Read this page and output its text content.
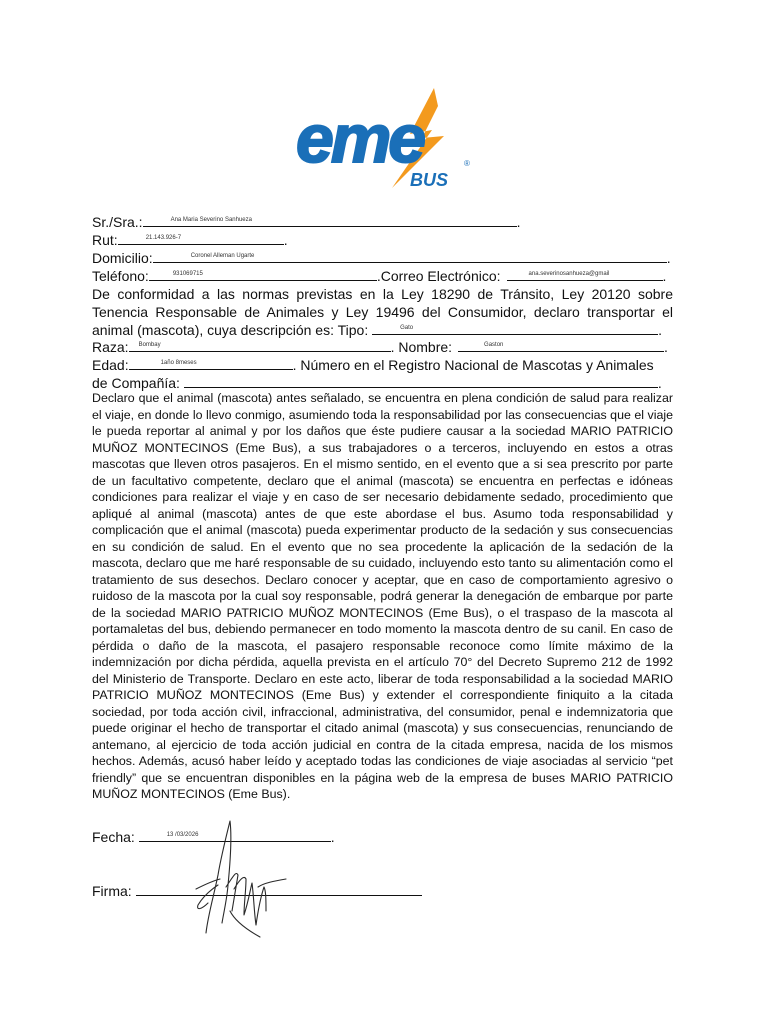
eme
BUS
®
Sr./Sra.:	Ana Maria Severino Sanhueza	.
Rut:	21.143.926-7	.
Domicilio:	Coronel Alleman Ugarte	.
Teléfono:	931069715	.Correo Electrónico:	ana.severinosanhueza@gmail	.
De conformidad a las normas previstas en la Ley 18290 de Tránsito, Ley 20120 sobre Tenencia Responsable de Animales y Ley 19496 del Consumidor, declaro transportar el animal (mascota), cuya descripción es: Tipo:	Gato	.
Raza: Bombay	. Nombre:	Gaston	.
Edad:	1año 8meses	. Número en el Registro Nacional de Mascotas y Animales
de Compañía:	.
Declaro que el animal (mascota) antes señalado, se encuentra en plena condición de salud para realizar el viaje, en donde lo llevo conmigo, asumiendo toda la responsabilidad por las consecuencias que el viaje le pueda reportar al animal y por los daños que éste pudiere causar a la sociedad MARIO PATRICIO MUÑOZ MONTECINOS (Eme Bus), a sus trabajadores o a terceros, incluyendo en estos a otras mascotas que lleven otros pasajeros. En el mismo sentido, en el evento que a si sea prescrito por parte de un facultativo competente, declaro que el animal (mascota) se encuentra en perfectas e idóneas condiciones para realizar el viaje y en caso de ser necesario debidamente sedado, procedimiento que apliqué al animal (mascota) antes de que este abordase el bus. Asumo toda responsabilidad y complicación que el animal (mascota) pueda experimentar producto de la sedación y sus consecuencias en su condición de salud. En el evento que no sea procedente la aplicación de la sedación de la mascota, declaro que me haré responsable de su cuidado, incluyendo esto tanto su alimentación como el tratamiento de sus desechos. Declaro conocer y aceptar, que en caso de comportamiento agresivo o ruidoso de la mascota por la cual soy responsable, podrá generar la denegación de embarque por parte de la sociedad MARIO PATRICIO MUÑOZ MONTECINOS (Eme Bus), o el traspaso de la mascota al portamaletas del bus, debiendo permanecer en todo momento la mascota dentro de su canil. En caso de pérdida o daño de la mascota, el pasajero responsable reconoce como límite máximo de la indemnización por dicha pérdida, aquella prevista en el artículo 70° del Decreto Supremo 212 de 1992 del Ministerio de Transporte. Declaro en este acto, liberar de toda responsabilidad a la sociedad MARIO PATRICIO MUÑOZ MONTECINOS (Eme Bus) y extender el correspondiente finiquito a la citada sociedad, por toda acción civil, infraccional, administrativa, del consumidor, penal e indemnizatoria que puede originar el hecho de transportar el citado animal (mascota) y sus consecuencias, renunciando de antemano, al ejercicio de toda acción judicial en contra de la citada empresa, nacida de los mismos hechos. Además, acusó haber leído y aceptado todas las condiciones de viaje asociadas al servicio “pet friendly” que se encuentran disponibles en la página web de la empresa de buses MARIO PATRICIO MUÑOZ MONTECINOS (Eme Bus).
Fecha:	13 /03/2026	.
Firma:
